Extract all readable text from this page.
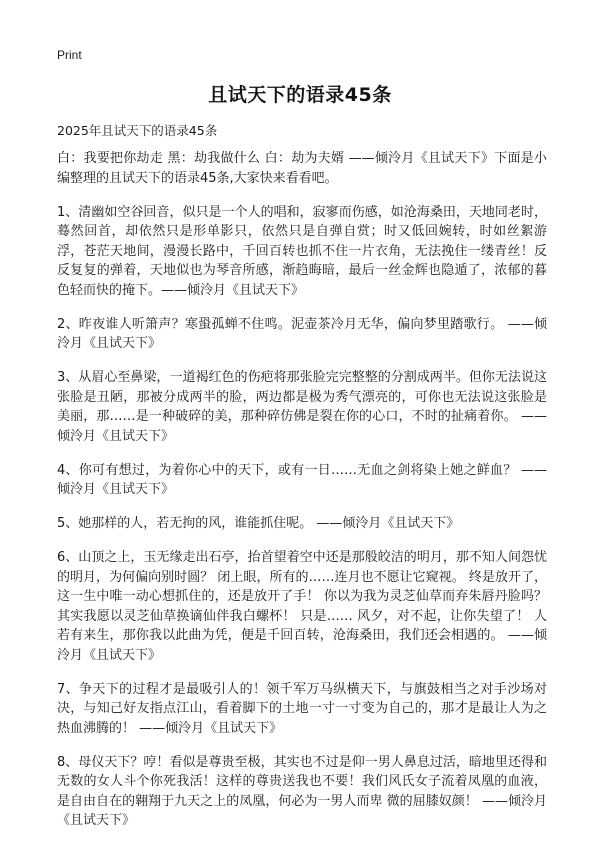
Print
且试天下的语录45条

2025年且试天下的语录45条

白：我要把你劫走 黑：劫我做什么 白：劫为夫婿 ——倾泠月《且试天下》下面是小编整理的且试天下的语录45条,大家快来看看吧。

1、清幽如空谷回音，似只是一个人的唱和，寂寥而伤感，如沧海桑田，天地同老时，蓦然回首，却依然只是形单影只，依然只是自弹自赏；时又低回婉转，时如丝絮游浮，苍茫天地间，漫漫长路中，千回百转也抓不住一片衣角，无法挽住一缕青丝！反反复复的弹着，天地似也为琴音所感，渐趋晦暗，最后一丝金辉也隐遁了，浓郁的暮色轻而快的掩下。——倾泠月《且试天下》

2、昨夜谁人听箫声？寒蛩孤蝉不住鸣。泥壶茶冷月无华，偏向梦里踏歌行。 ——倾泠月《且试天下》

3、从眉心至鼻梁，一道褐红色的伤疤将那张脸完完整整的分割成两半。但你无法说这张脸是丑陋，那被分成两半的脸，两边都是极为秀气漂亮的，可你也无法说这张脸是美丽，那……是一种破碎的美，那种碎仿佛是裂在你的心口，不时的扯痛着你。 ——倾泠月《且试天下》

4、你可有想过，为着你心中的天下，或有一日……无血之剑将染上她之鲜血？ ——倾泠月《且试天下》

5、她那样的人，若无拘的风，谁能抓住呢。 ——倾泠月《且试天下》

6、山顶之上，玉无缘走出石亭，抬首望着空中还是那般皎洁的明月，那不知人间怨忧的明月，为何偏向别时圆？ 闭上眼，所有的……连月也不愿让它窥视。 终是放开了，这一生中唯一动心想抓住的，还是放开了手！ 你以为我为灵芝仙草而弃朱唇丹脸吗？其实我愿以灵芝仙草换谪仙伴我白螺杯！ 只是…… 风夕，对不起，让你失望了！ 人若有来生，那你我以此曲为凭，便是千回百转，沧海桑田，我们还会相遇的。 ——倾泠月《且试天下》

7、争天下的过程才是最吸引人的！领千军万马纵横天下，与旗鼓相当之对手沙场对决，与知己好友指点江山，看着脚下的土地一寸一寸变为自己的，那才是最让人为之热血沸腾的！ ——倾泠月《且试天下》

8、母仪天下？哼！看似是尊贵至极，其实也不过是仰一男人鼻息过活，暗地里还得和无数的女人斗个你死我活！这样的尊贵送我也不要！我们风氏女子流着凤凰的血液，是自由自在的翱翔于九天之上的凤凰，何必为一男人而卑 微的屈膝奴颜！ ——倾泠月《且试天下》
